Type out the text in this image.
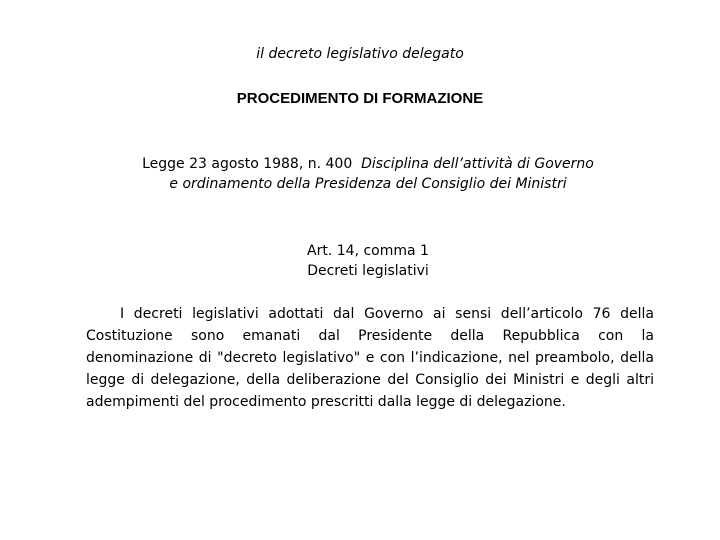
il decreto legislativo delegato
PROCEDIMENTO DI FORMAZIONE
Legge 23 agosto 1988, n. 400 Disciplina dell’attività di Governo
e ordinamento della Presidenza del Consiglio dei Ministri
Art. 14, comma 1
Decreti legislativi
I decreti legislativi adottati dal Governo ai sensi dell’articolo 76 della Costituzione sono emanati dal Presidente della Repubblica con la denominazione di "decreto legislativo" e con l’indicazione, nel preambolo, della legge di delegazione, della deliberazione del Consiglio dei Ministri e degli altri adempimenti del procedimento prescritti dalla legge di delegazione.
